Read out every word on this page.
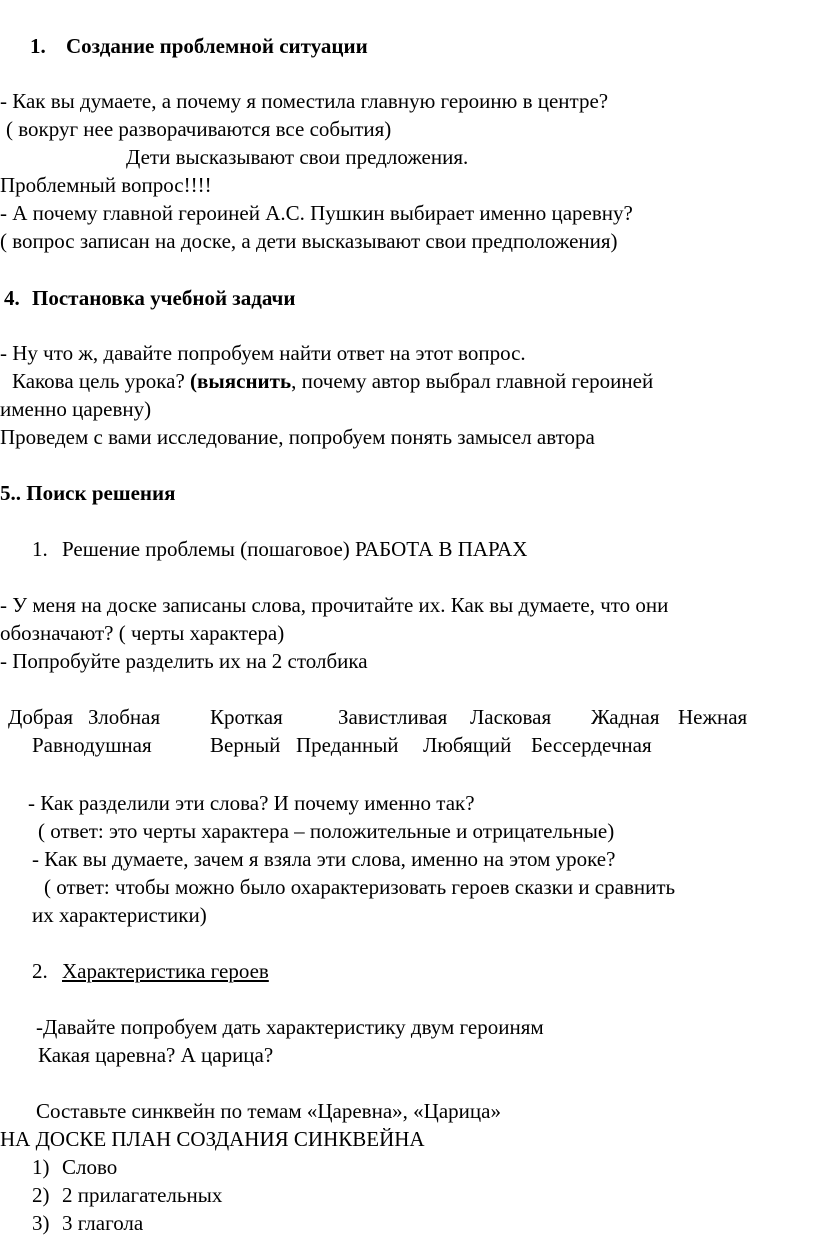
1. Создание проблемной ситуации
- Как вы думаете, а почему я поместила главную героиню в центре?
( вокруг нее разворачиваются все события)
Дети высказывают свои предложения.
Проблемный вопрос!!!!
- А почему главной героиней А.С. Пушкин выбирает именно царевну?
( вопрос записан на доске, а дети высказывают свои предположения)
4. Постановка учебной задачи
- Ну что ж, давайте попробуем найти ответ на этот вопрос.
Какова цель урока? (выяснить, почему автор выбрал главной героиней
именно царевну)
Проведем с вами исследование, попробуем понять замысел автора
5.. Поиск решения
1. Решение проблемы (пошаговое) РАБОТА В ПАРАХ
- У меня на доске записаны слова, прочитайте их. Как вы думаете, что они
обозначают? ( черты характера)
- Попробуйте разделить их на 2 столбика
Добрая Злобная Кроткая	Завистливая Ласковая Жадная Нежная
Равнодушная	Верный Преданный Любящий Бессердечная
- Как разделили эти слова? И почему именно так?
( ответ: это черты характера – положительные и отрицательные)
- Как вы думаете, зачем я взяла эти слова, именно на этом уроке?
( ответ: чтобы можно было охарактеризовать героев сказки и сравнить
их характеристики)
2. Характеристика героев
-Давайте попробуем дать характеристику двум героиням
Какая царевна? А царица?
Составьте синквейн по темам «Царевна», «Царица»
НА ДОСКЕ ПЛАН СОЗДАНИЯ СИНКВЕЙНА
1) Слово
2) 2 прилагательных
3) 3 глагола
